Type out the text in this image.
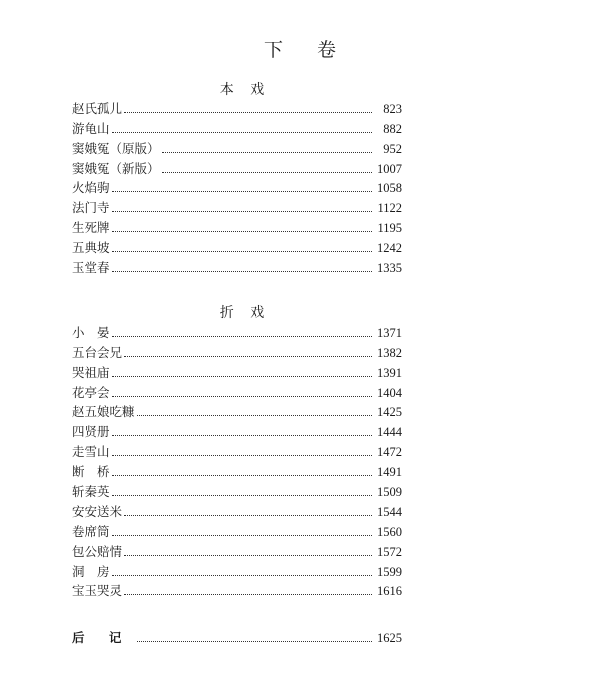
下 卷
本 戏
赵氏孤儿	823
游龟山	882
窦娥冤（原版）	952
窦娥冤（新版）	1007
火焰驹	1058
法门寺	1122
生死牌	1195
五典坡	1242
玉堂春	1335
折 戏
小　晏	1371
五台会兄	1382
哭祖庙	1391
花亭会	1404
赵五娘吃糠	1425
四贤册	1444
走雪山	1472
断　桥	1491
斩秦英	1509
安安送米	1544
卷席筒	1560
包公赔情	1572
洞　房	1599
宝玉哭灵	1616
后 记	1625
